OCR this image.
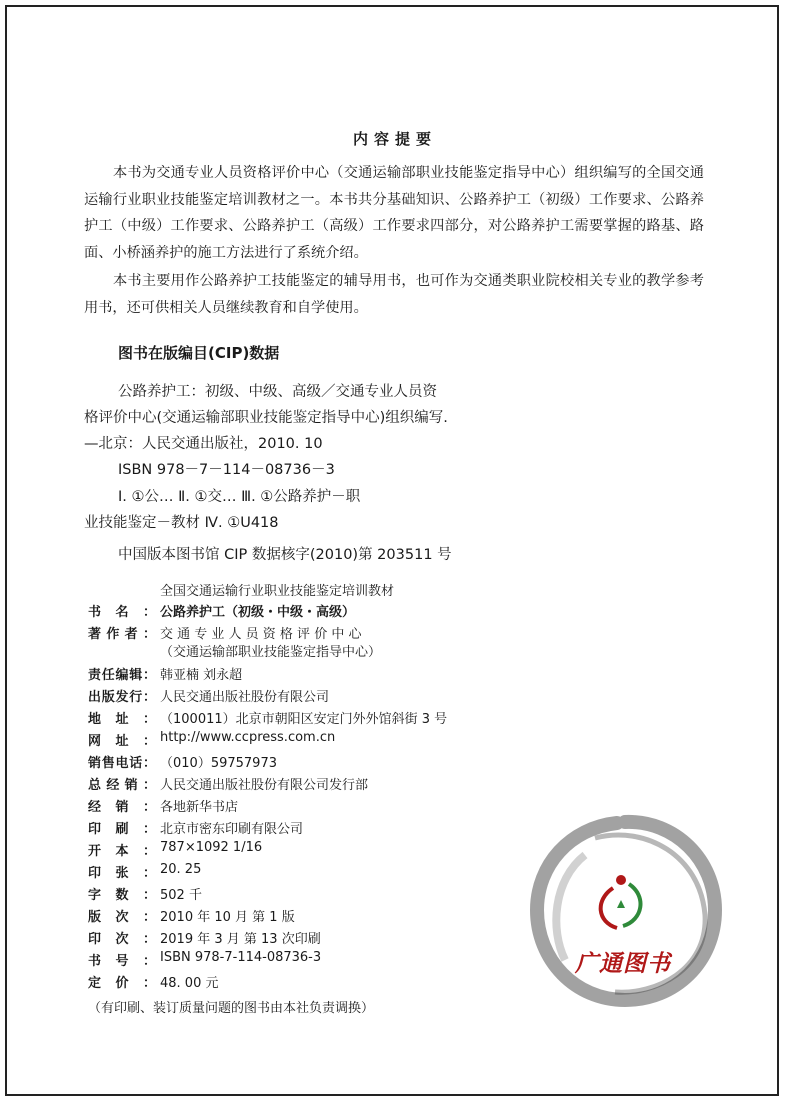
内容提要
本书为交通专业人员资格评价中心（交通运输部职业技能鉴定指导中心）组织编写的全国交通运输行业职业技能鉴定培训教材之一。本书共分基础知识、公路养护工（初级）工作要求、公路养护工（中级）工作要求、公路养护工（高级）工作要求四部分，对公路养护工需要掌握的路基、路面、小桥涵养护的施工方法进行了系统介绍。
本书主要用作公路养护工技能鉴定的辅导用书，也可作为交通类职业院校相关专业的教学参考用书，还可供相关人员继续教育和自学使用。
图书在版编目(CIP)数据
公路养护工：初级、中级、高级／交通专业人员资
格评价中心(交通运输部职业技能鉴定指导中心)组织编写.
—北京：人民交通出版社，2010. 10
ISBN 978－7－114－08736－3
Ⅰ. ①公… Ⅱ. ①交… Ⅲ. ①公路养护－职
业技能鉴定－教材 Ⅳ. ①U418
中国版本图书馆 CIP 数据核字(2010)第 203511 号
全国交通运输行业职业技能鉴定培训教材
书名： 公路养护工（初级・中级・高级）
著作者： 交 通 专 业 人 员 资 格 评 价 中 心
（交通运输部职业技能鉴定指导中心）
责任编辑： 韩亚楠 刘永超
出版发行： 人民交通出版社股份有限公司
地址： （100011）北京市朝阳区安定门外外馆斜街 3 号
网址： http://www.ccpress.com.cn
销售电话： （010）59757973
总经销： 人民交通出版社股份有限公司发行部
经销： 各地新华书店
印刷： 北京市密东印刷有限公司
开本： 787×1092 1/16
印张： 20. 25
字数： 502 千
版次： 2010 年 10 月 第 1 版
印次： 2019 年 3 月 第 13 次印刷
书号： ISBN 978-7-114-08736-3
定价： 48. 00 元
（有印刷、装订质量问题的图书由本社负责调换）
广通图书
